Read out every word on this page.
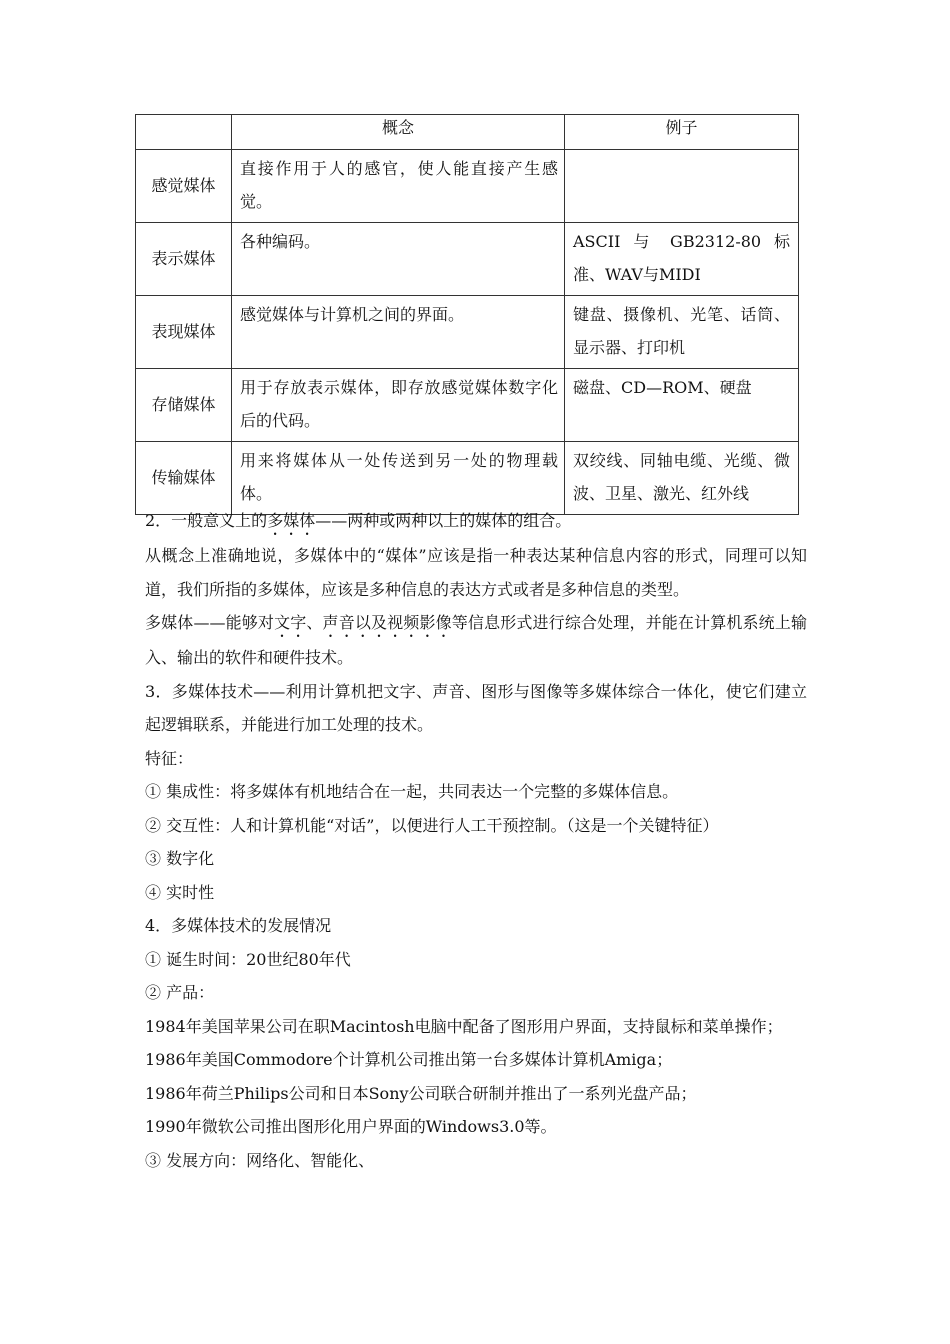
	概念	例子
感觉媒体	直接作用于人的感官，使人能直接产生感觉。	

表示媒体	各种编码。	ASCII 与 GB2312-80 标准、WAV与MIDI

表现媒体	感觉媒体与计算机之间的界面。	键盘、摄像机、光笔、话筒、显示器、打印机

存储媒体	用于存放表示媒体，即存放感觉媒体数字化后的代码。	磁盘、CD—ROM、硬盘

传输媒体	用来将媒体从一处传送到另一处的物理载体。	双绞线、同轴电缆、光缆、微波、卫星、激光、红外线

2．一般意义上的多媒体——两种或两种以上的媒体的组合。

从概念上准确地说，多媒体中的“媒体”应该是指一种表达某种信息内容的形式，同理可以知道，我们所指的多媒体，应该是多种信息的表达方式或者是多种信息的类型。

多媒体——能够对文字、声音以及视频影像等信息形式进行综合处理，并能在计算机系统上输入、输出的软件和硬件技术。

3．多媒体技术——利用计算机把文字、声音、图形与图像等多媒体综合一体化，使它们建立起逻辑联系，并能进行加工处理的技术。

特征：

① 集成性：将多媒体有机地结合在一起，共同表达一个完整的多媒体信息。

② 交互性：人和计算机能“对话”，以便进行人工干预控制。（这是一个关键特征）

③ 数字化

④ 实时性

4．多媒体技术的发展情况

① 诞生时间：20世纪80年代

② 产品：

1984年美国苹果公司在职Macintosh电脑中配备了图形用户界面，支持鼠标和菜单操作；

1986年美国Commodore个计算机公司推出第一台多媒体计算机Amiga；

1986年荷兰Philips公司和日本Sony公司联合研制并推出了一系列光盘产品；

1990年微软公司推出图形化用户界面的Windows3.0等。

③ 发展方向：网络化、智能化、
